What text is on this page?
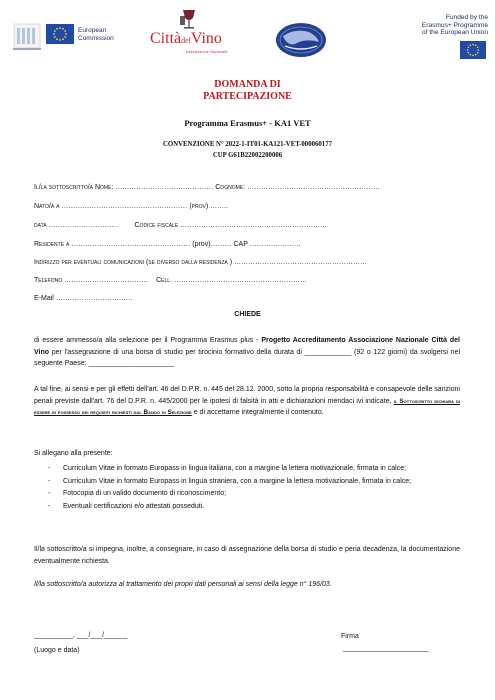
European
Commission CittàdelVino
Associazione Nazionale
Funded by the
Erasmus+ Programme
of the European Union
DOMANDA DI
PARTECIPAZIONE
Programma Erasmus+ - KA1 VET
CONVENZIONE N° 2022-1-IT01-KA121-VET-000060177
CUP G61B22002200006
Il/la sottoscritto/a Nome: …………………………………… Cognome: …………………………………………………
Nato/a a ……………………………………………… (prov) ……..
data ………………………… Codice fiscale ………………………………………………………
Residente a …………………………………………… (prov)……… CAP ………………….
Indirizzo per eventuali comunicazioni (se diverso dalla residenza ) …………………………………………………
Telefono ……………………………… Cell. …………………………………………………
E-Mail ……………………………
CHIEDE
di essere ammesso/a alla selezione per il Programma Erasmus plus - Progetto Accreditamento Associazione Nazionale Città del Vino per l'assegnazione di una borsa di studio per tirocinio formativo della durata di ____________ (92 o 122 giorni) da svolgersi nel seguente Paese: ______________________
A tal fine, ai sensi e per gli effetti dell'art. 46 del D.P.R. n. 445 del 28.12. 2000, sotto la propria responsabilità e consapevole delle sanzioni penali previste dall'art. 76 del D.P.R. n. 445/2000 per le ipotesi di falsità in atti e dichiarazioni mendaci ivi indicate, il Sottoscritto dichiara di essere in possesso dei requisiti richiesti dal Bando di Selezione e di accettarne integralmente il contenuto.
Si allegano alla presente:
- Curriculum Vitae in formato Europass in lingua italiana, con a margine la lettera motivazionale, firmata in calce;
- Curriculum Vitae in formato Europass in lingua straniera, con a margine la lettera motivazionale, firmata in calce;
- Fotocopia di un valido documento di riconoscimento;
- Eventuali certificazioni e/o attestati posseduti.
Il/la sottoscritto/a si impegna, inoltre, a consegnare, in caso di assegnazione della borsa di studio e pena decadenza, la documentazione eventualmente richiesta.
Il/la sottoscritto/a autorizza al trattamento dei propri dati personali ai sensi della legge n° 196/03.
__________, ___/___/______
(Luogo e data)
Firma
______________________
